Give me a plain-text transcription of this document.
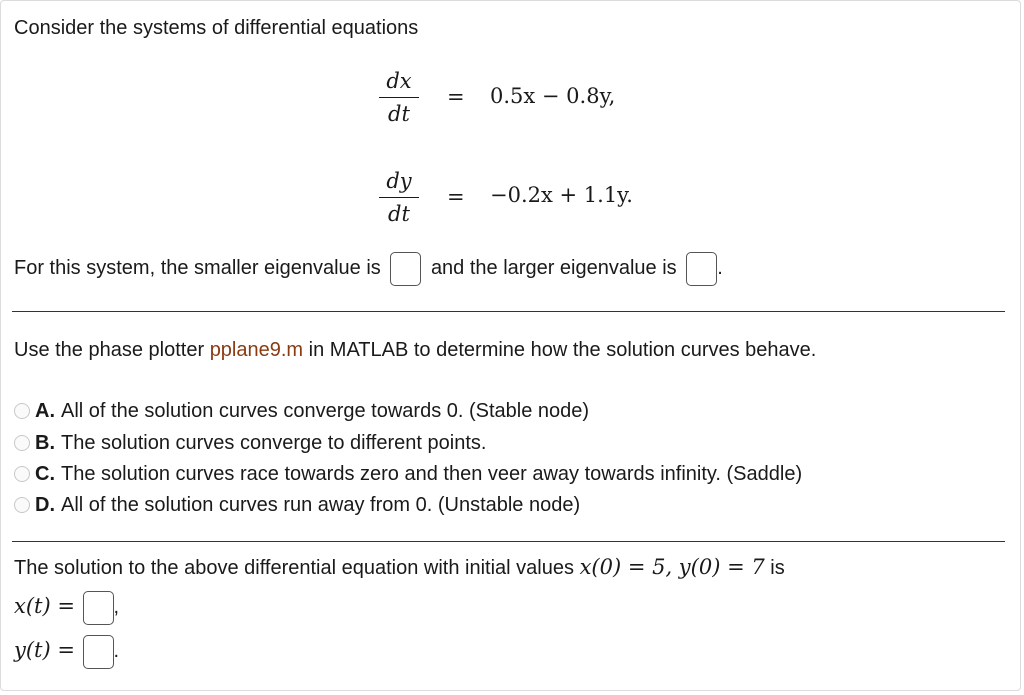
Consider the systems of differential equations
dx
dt
= 0.5x − 0.8y,
dy
dt
= −0.2x + 1.1y.
For this system, the smaller eigenvalue is	and the larger eigenvalue is .
Use the phase plotter pplane9.m in MATLAB to determine how the solution curves behave.
A. All of the solution curves converge towards 0. (Stable node)
B. The solution curves converge to different points.
C. The solution curves race towards zero and then veer away towards infinity. (Saddle)
D. All of the solution curves run away from 0. (Unstable node)
The solution to the above differential equation with initial values x(0) = 5, y(0) = 7 is
x(t) = ,
y(t) = .
